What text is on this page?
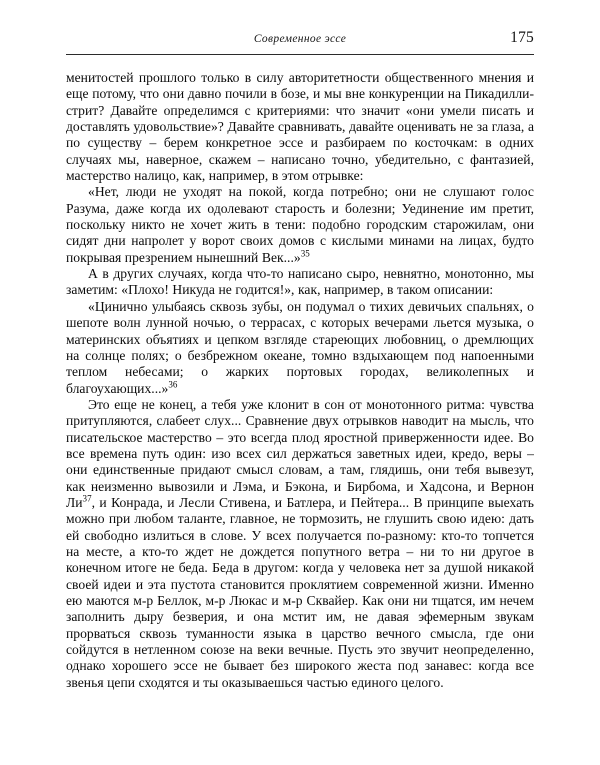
Современное эссе	175

менитостей прошлого только в силу авторитетности общественного мнения и еще потому, что они давно почили в бозе, и мы вне конкуренции на Пикадилли-стрит? Давайте определимся с критериями: что значит «они умели писать и доставлять удовольствие»? Давайте сравнивать, давайте оценивать не за глаза, а по существу – берем конкретное эссе и разбираем по косточкам: в одних случаях мы, наверное, скажем – написано точно, убедительно, с фантазией, мастерство налицо, как, например, в этом отрывке:

«Нет, люди не уходят на покой, когда потребно; они не слушают голос Разума, даже когда их одолевают старость и болезни; Уединение им претит, поскольку никто не хочет жить в тени: подобно городским старожилам, они сидят дни напролет у ворот своих домов с кислыми минами на лицах, будто покрывая презрением нынешний Век...»$^{35}$

А в других случаях, когда что-то написано сыро, невнятно, монотонно, мы заметим: «Плохо! Никуда не годится!», как, например, в таком описании:

«Цинично улыбаясь сквозь зубы, он подумал о тихих девичьих спальнях, о шепоте волн лунной ночью, о террасах, с которых вечерами льется музыка, о материнских объятиях и цепком взгляде стареющих любовниц, о дремлющих на солнце полях; о безбрежном океане, томно вздыхающем под напоенными теплом небесами; о жарких портовых городах, великолепных и благоухающих...»$^{36}$

Это еще не конец, а тебя уже клонит в сон от монотонного ритма: чувства притупляются, слабеет слух... Сравнение двух отрывков наводит на мысль, что писательское мастерство – это всегда плод яростной приверженности идее. Во все времена путь один: изо всех сил держаться заветных идеи, кредо, веры – они единственные придают смысл словам, а там, глядишь, они тебя вывезут, как неизменно вывозили и Лэма, и Бэкона, и Бирбома, и Хадсона, и Вернон Ли$^{37}$, и Конрада, и Лесли Стивена, и Батлера, и Пейтера... В принципе выехать можно при любом таланте, главное, не тормозить, не глушить свою идею: дать ей свободно излиться в слове. У всех получается по-разному: кто-то топчется на месте, а кто-то ждет не дождется попутного ветра – ни то ни другое в конечном итоге не беда. Беда в другом: когда у человека нет за душой никакой своей идеи и эта пустота становится проклятием современной жизни. Именно ею маются м-р Беллок, м-р Люкас и м-р Сквайер. Как они ни тщатся, им нечем заполнить дыру безверия, и она мстит им, не давая эфемерным звукам прорваться сквозь туманности языка в царство вечного смысла, где они сойдутся в нетленном союзе на веки вечные. Пусть это звучит неопределенно, однако хорошего эссе не бывает без широкого жеста под занавес: когда все звенья цепи сходятся и ты оказываешься частью единого целого.
